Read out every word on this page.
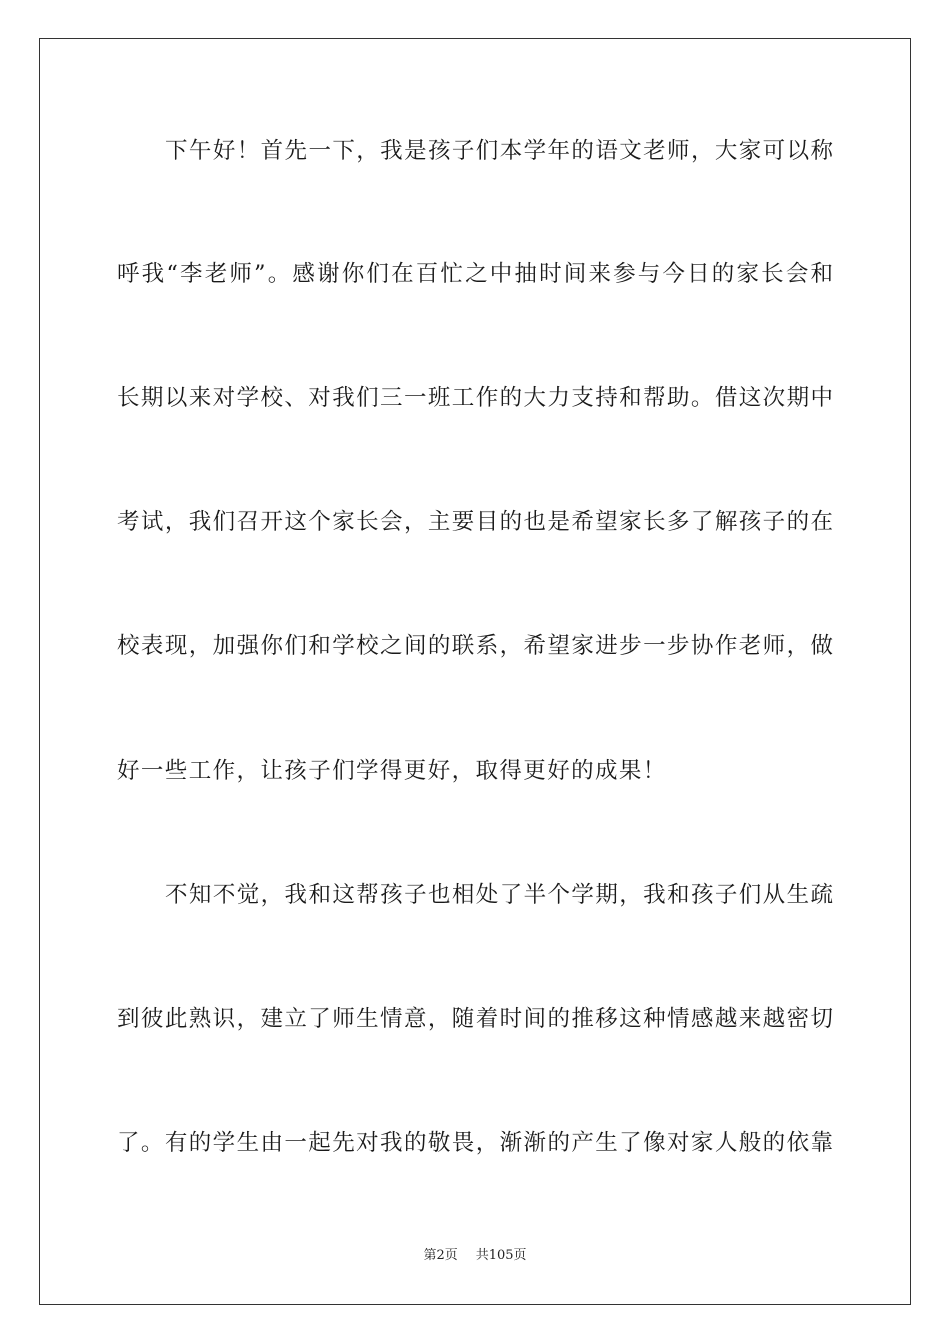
下午好！首先一下，我是孩子们本学年的语文老师，大家可以称
呼我“李老师”。感谢你们在百忙之中抽时间来参与今日的家长会和
长期以来对学校、对我们三一班工作的大力支持和帮助。借这次期中
考试，我们召开这个家长会，主要目的也是希望家长多了解孩子的在
校表现，加强你们和学校之间的联系，希望家进步一步协作老师，做
好一些工作，让孩子们学得更好，取得更好的成果！
不知不觉，我和这帮孩子也相处了半个学期，我和孩子们从生疏
到彼此熟识，建立了师生情意，随着时间的推移这种情感越来越密切
了。有的学生由一起先对我的敬畏，渐渐的产生了像对家人般的依靠
第2页 共105页
